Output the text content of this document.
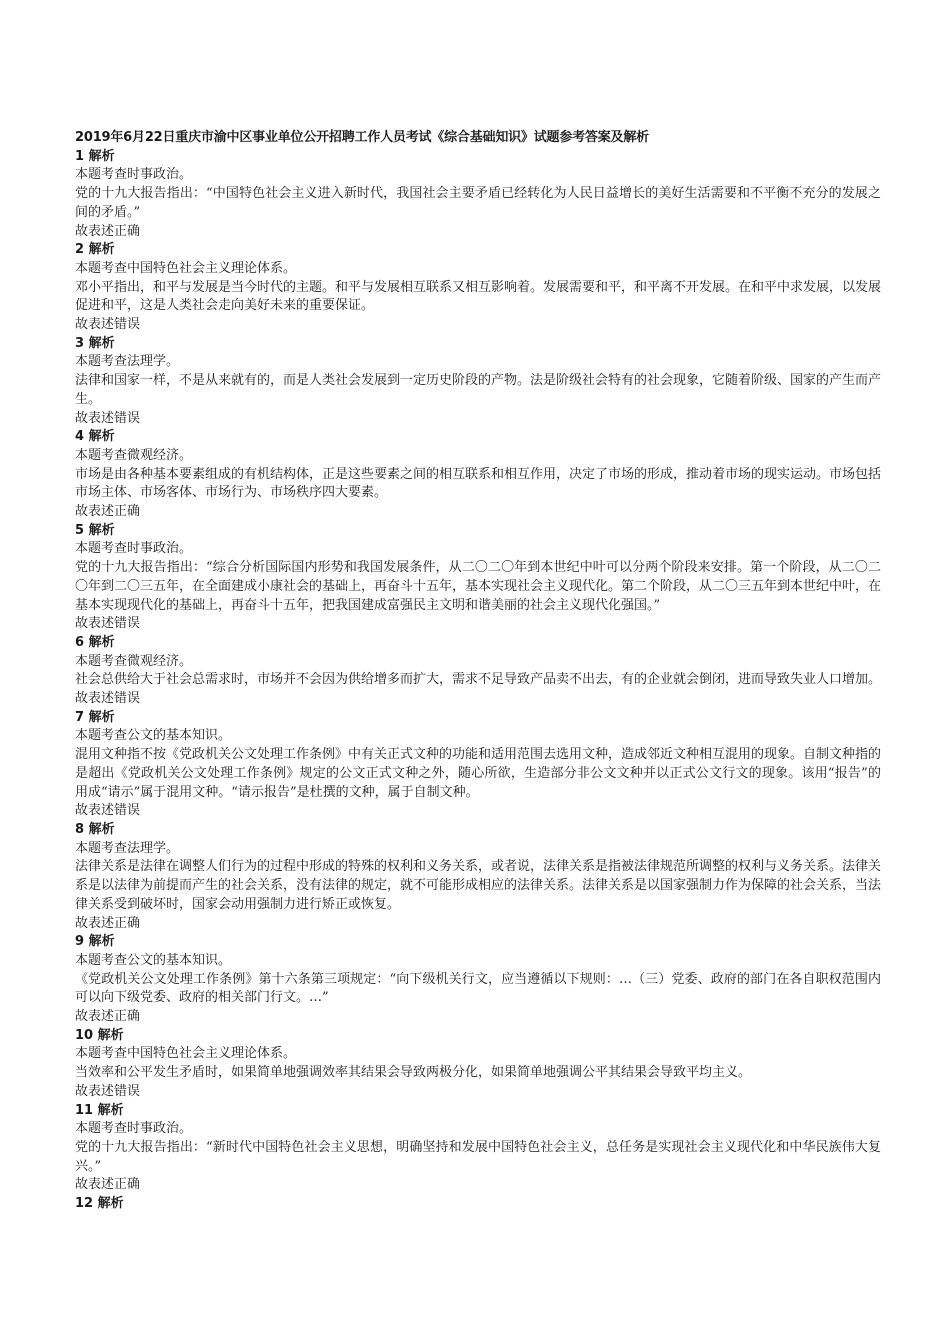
2019年6月22日重庆市渝中区事业单位公开招聘工作人员考试《综合基础知识》试题参考答案及解析
1 解析
本题考查时事政治。
党的十九大报告指出：“中国特色社会主义进入新时代，我国社会主要矛盾已经转化为人民日益增长的美好生活需要和不平衡不充分的发展之间的矛盾。”
故表述正确
2 解析
本题考查中国特色社会主义理论体系。
邓小平指出，和平与发展是当今时代的主题。和平与发展相互联系又相互影响着。发展需要和平，和平离不开发展。在和平中求发展，以发展促进和平，这是人类社会走向美好未来的重要保证。
故表述错误
3 解析
本题考查法理学。
法律和国家一样，不是从来就有的，而是人类社会发展到一定历史阶段的产物。法是阶级社会特有的社会现象，它随着阶级、国家的产生而产生。
故表述错误
4 解析
本题考查微观经济。
市场是由各种基本要素组成的有机结构体，正是这些要素之间的相互联系和相互作用，决定了市场的形成，推动着市场的现实运动。市场包括市场主体、市场客体、市场行为、市场秩序四大要素。
故表述正确
5 解析
本题考查时事政治。
党的十九大报告指出：“综合分析国际国内形势和我国发展条件，从二〇二〇年到本世纪中叶可以分两个阶段来安排。第一个阶段，从二〇二〇年到二〇三五年，在全面建成小康社会的基础上，再奋斗十五年，基本实现社会主义现代化。第二个阶段，从二〇三五年到本世纪中叶，在基本实现现代化的基础上，再奋斗十五年，把我国建成富强民主文明和谐美丽的社会主义现代化强国。”
故表述错误
6 解析
本题考查微观经济。
社会总供给大于社会总需求时，市场并不会因为供给增多而扩大，需求不足导致产品卖不出去，有的企业就会倒闭，进而导致失业人口增加。
故表述错误
7 解析
本题考查公文的基本知识。
混用文种指不按《党政机关公文处理工作条例》中有关正式文种的功能和适用范围去选用文种，造成邻近文种相互混用的现象。自制文种指的是超出《党政机关公文处理工作条例》规定的公文正式文种之外，随心所欲，生造部分非公文文种并以正式公文行文的现象。该用“报告”的用成“请示”属于混用文种。“请示报告”是杜撰的文种，属于自制文种。
故表述错误
8 解析
本题考查法理学。
法律关系是法律在调整人们行为的过程中形成的特殊的权利和义务关系，或者说，法律关系是指被法律规范所调整的权利与义务关系。法律关系是以法律为前提而产生的社会关系，没有法律的规定，就不可能形成相应的法律关系。法律关系是以国家强制力作为保障的社会关系，当法律关系受到破坏时，国家会动用强制力进行矫正或恢复。
故表述正确
9 解析
本题考查公文的基本知识。
《党政机关公文处理工作条例》第十六条第三项规定：“向下级机关行文，应当遵循以下规则：…（三）党委、政府的部门在各自职权范围内可以向下级党委、政府的相关部门行文。…”
故表述正确
10 解析
本题考查中国特色社会主义理论体系。
当效率和公平发生矛盾时，如果简单地强调效率其结果会导致两极分化，如果简单地强调公平其结果会导致平均主义。
故表述错误
11 解析
本题考查时事政治。
党的十九大报告指出：“新时代中国特色社会主义思想，明确坚持和发展中国特色社会主义，总任务是实现社会主义现代化和中华民族伟大复兴。”
故表述正确
12 解析
